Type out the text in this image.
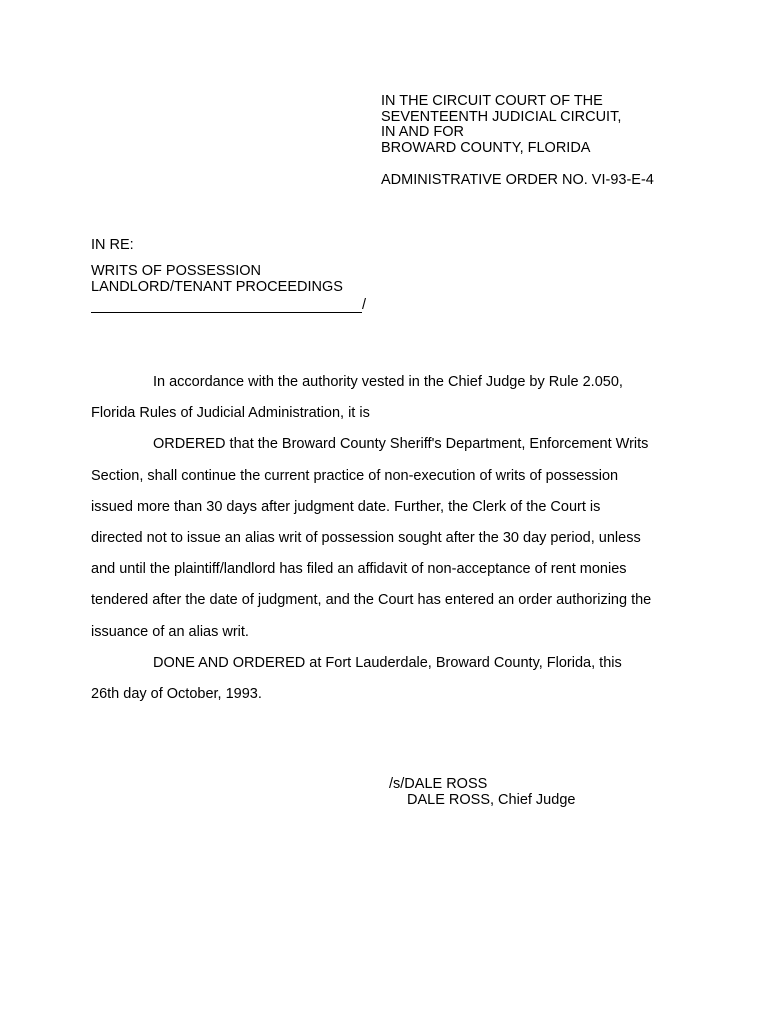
IN THE CIRCUIT COURT OF THE
SEVENTEENTH JUDICIAL CIRCUIT,
IN AND FOR
BROWARD COUNTY, FLORIDA
ADMINISTRATIVE ORDER NO. VI-93-E-4
IN RE:
WRITS OF POSSESSION
LANDLORD/TENANT PROCEEDINGS
/
In accordance with the authority vested in the Chief Judge by Rule 2.050,
Florida Rules of Judicial Administration, it is
ORDERED that the Broward County Sheriff's Department, Enforcement Writs
Section, shall continue the current practice of non-execution of writs of possession
issued more than 30 days after judgment date. Further, the Clerk of the Court is
directed not to issue an alias writ of possession sought after the 30 day period, unless
and until the plaintiff/landlord has filed an affidavit of non-acceptance of rent monies
tendered after the date of judgment, and the Court has entered an order authorizing the
issuance of an alias writ.
DONE AND ORDERED at Fort Lauderdale, Broward County, Florida, this
26th day of October, 1993.
/s/DALE ROSS
DALE ROSS, Chief Judge
